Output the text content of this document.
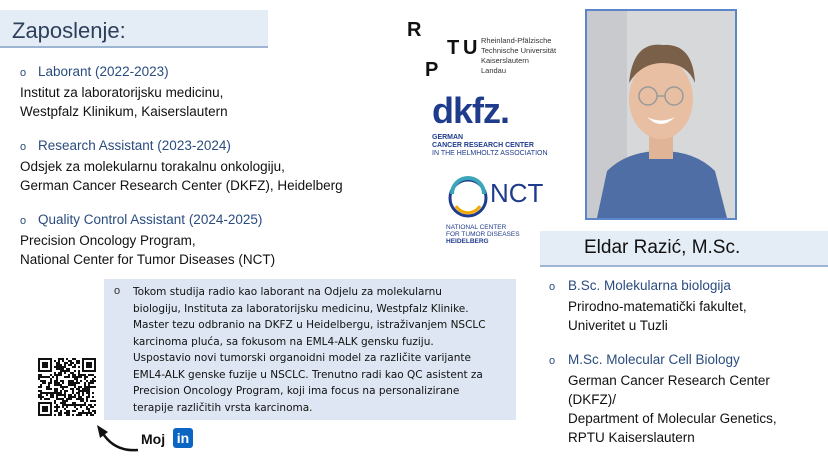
Zaposlenje:
o Laborant (2022-2023)
Institut za laboratorijsku medicinu,
Westpfalz Klinikum, Kaiserslautern
o Research Assistant (2023-2024)
Odsjek za molekularnu torakalnu onkologiju,
German Cancer Research Center (DKFZ), Heidelberg
o Quality Control Assistant (2024-2025)
Precision Oncology Program,
National Center for Tumor Diseases (NCT)
R
T U
P
Rheinland-Pfälzische
Technische Universität
Kaiserslautern
Landau
dkfz.
GERMAN
CANCER RESEARCH CENTER
IN THE HELMHOLTZ ASSOCIATION
NCT
NATIONAL CENTER
FOR TUMOR DISEASES
HEIDELBERG	Eldar Razić, M.Sc.
o B.Sc. Molekularna biologija
Prirodno-matematički fakultet,
Univeritet u Tuzli
o M.Sc. Molecular Cell Biology
German Cancer Research Center
(DKFZ)/
Department of Molecular Genetics,
RPTU Kaiserslautern
o Tokom studija radio kao laborant na Odjelu za molekularnu
biologiju, Instituta za laboratorijsku medicinu, Westpfalz Klinike.
Master tezu odbranio na DKFZ u Heidelbergu, istraživanjem NSCLC
karcinoma pluća, sa fokusom na EML4-ALK gensku fuziju.
Uspostavio novi tumorski organoidni model za različite varijante
EML4-ALK genske fuzije u NSCLC. Trenutno radi kao QC asistent za
Precision Oncology Program, koji ima focus na personalizirane
terapije različitih vrsta karcinoma.
Moj in
